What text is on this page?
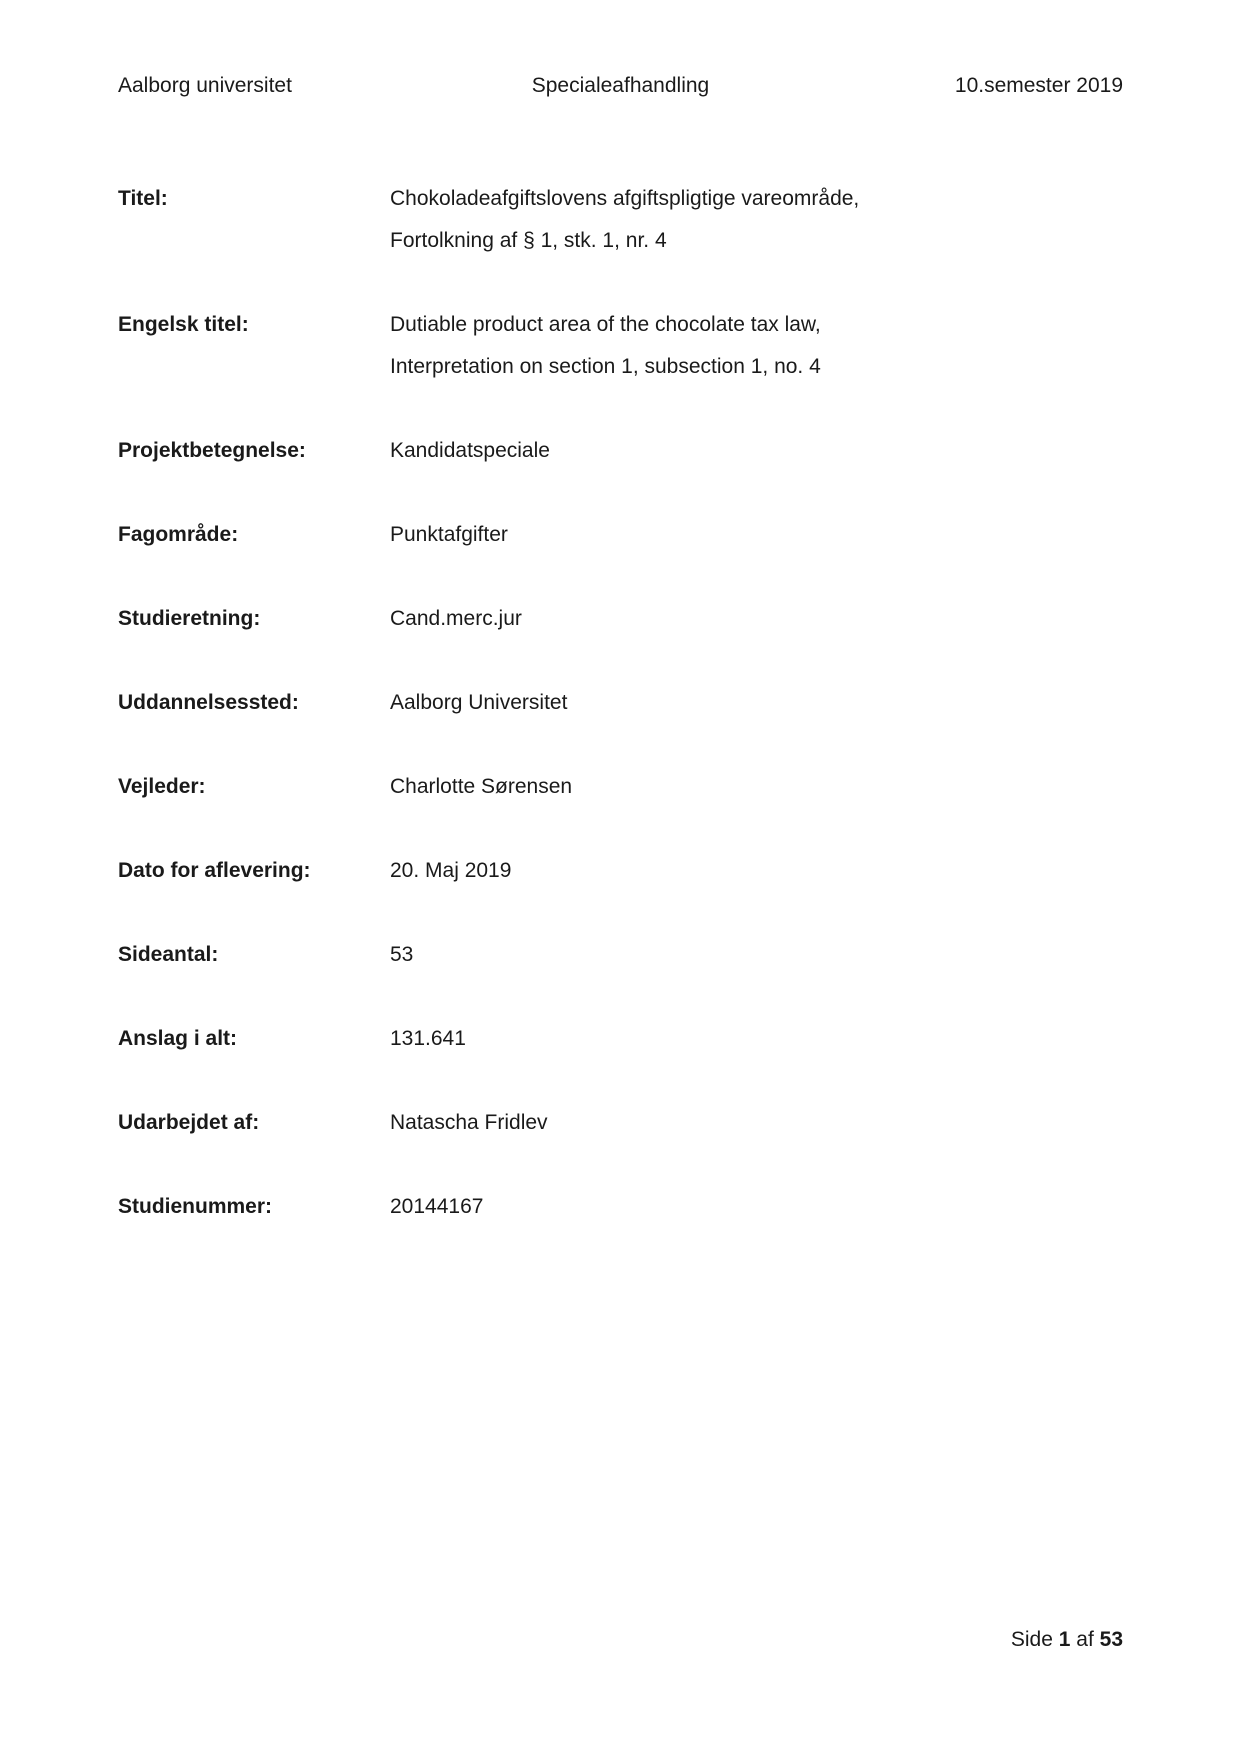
Aalborg universitet	Specialeafhandling	10.semester 2019
Titel:	Chokoladeafgiftslovens afgiftspligtige vareområde,
Fortolkning af § 1, stk. 1, nr. 4
Engelsk titel:	Dutiable product area of the chocolate tax law,
Interpretation on section 1, subsection 1, no. 4
Projektbetegnelse:	Kandidatspeciale
Fagområde:	Punktafgifter
Studieretning:	Cand.merc.jur
Uddannelsessted:	Aalborg Universitet
Vejleder:	Charlotte Sørensen
Dato for aflevering:	20. Maj 2019
Sideantal:	53
Anslag i alt:	131.641
Udarbejdet af:	Natascha Fridlev
Studienummer:	20144167
Side 1 af 53
